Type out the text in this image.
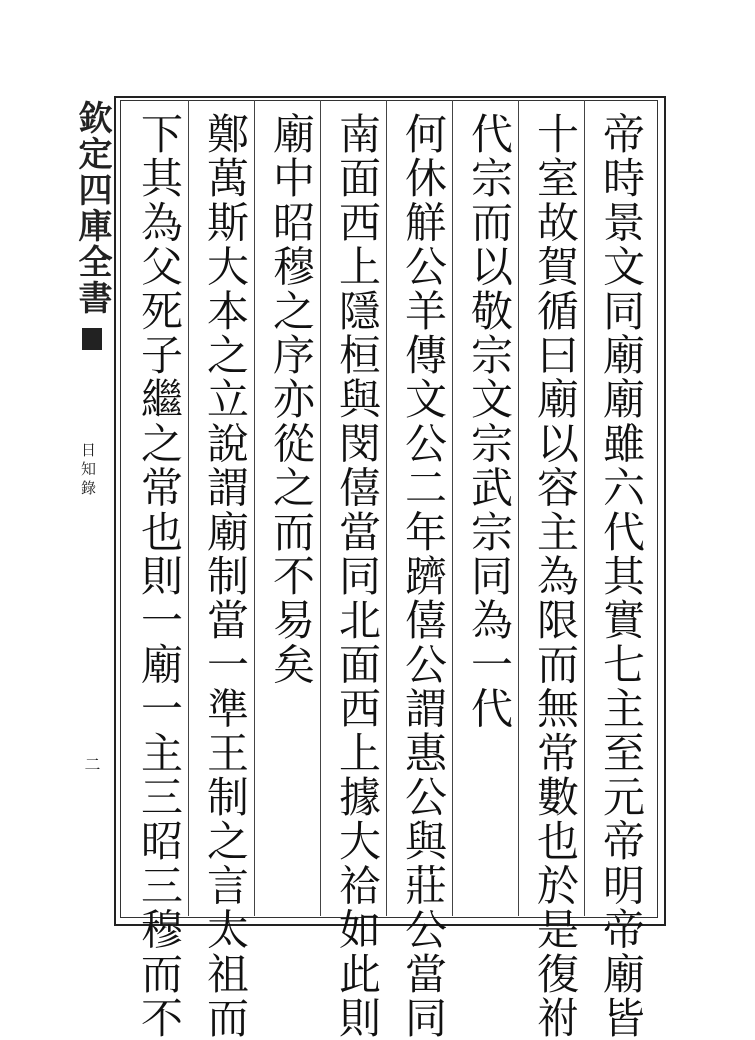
欽定四庫全書
日知錄
二	帝時景文同廟廟雖六代其實七主至元帝明帝廟皆
十室故賀循曰廟以容主為限而無常數也於是復祔
代宗而以敬宗文宗武宗同為一代
何休觧公羊傳文公二年躋僖公謂惠公與莊公當同
南面西上隱桓與閔僖當同北面西上據大祫如此則
廟中昭穆之序亦從之而不易矣
鄭萬斯大本之立說謂廟制當一準王制之言太祖而
下其為父死子繼之常也則一廟一主三昭三穆而不
